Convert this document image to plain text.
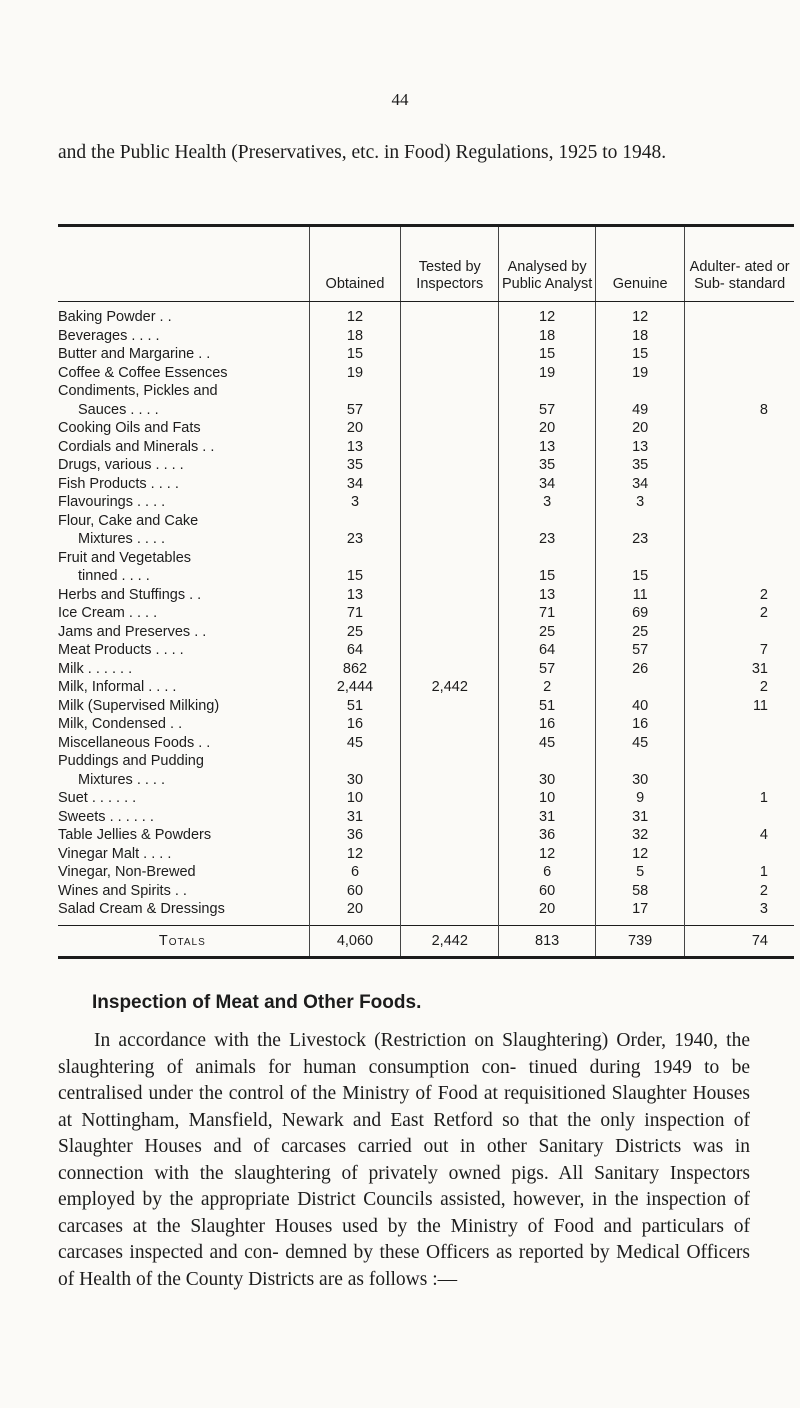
44
and the Public Health (Preservatives, etc. in Food) Regulations, 1925 to 1948.
	Obtained	Tested by Inspectors	Analysed by Public Analyst	Genuine	Adulter- ated or Sub- standard
Baking Powder . .	12		12	12	
Beverages . . . .	18		18	18	
Butter and Margarine . .	15		15	15	
Coffee & Coffee Essences	19		19	19	
Condiments, Pickles and					
Sauces . . . .	57		57	49	8
Cooking Oils and Fats	20		20	20	
Cordials and Minerals . .	13		13	13	
Drugs, various . . . .	35		35	35	
Fish Products . . . .	34		34	34	
Flavourings . . . .	3		3	3	
Flour, Cake and Cake					
Mixtures . . . .	23		23	23	
Fruit and Vegetables					
tinned . . . .	15		15	15	
Herbs and Stuffings . .	13		13	11	2
Ice Cream . . . .	71		71	69	2
Jams and Preserves . .	25		25	25	
Meat Products . . . .	64		64	57	7
Milk . . . . . .	862		57	26	31
Milk, Informal . . . .	2,444	2,442	2		2
Milk (Supervised Milking)	51		51	40	11
Milk, Condensed . .	16		16	16	
Miscellaneous Foods . .	45		45	45	
Puddings and Pudding					
Mixtures . . . .	30		30	30	
Suet . . . . . .	10		10	9	1
Sweets . . . . . .	31		31	31	
Table Jellies & Powders	36		36	32	4
Vinegar Malt . . . .	12		12	12	
Vinegar, Non-Brewed	6		6	5	1
Wines and Spirits . .	60		60	58	2
Salad Cream & Dressings	20		20	17	3
Totals	4,060	2,442	813	739	74
Inspection of Meat and Other Foods.

In accordance with the Livestock (Restriction on Slaughtering) Order, 1940, the slaughtering of animals for human consumption con- tinued during 1949 to be centralised under the control of the Ministry of Food at requisitioned Slaughter Houses at Nottingham, Mansfield, Newark and East Retford so that the only inspection of Slaughter Houses and of carcases carried out in other Sanitary Districts was in connection with the slaughtering of privately owned pigs. All Sanitary Inspectors employed by the appropriate District Councils assisted, however, in the inspection of carcases at the Slaughter Houses used by the Ministry of Food and particulars of carcases inspected and con- demned by these Officers as reported by Medical Officers of Health of the County Districts are as follows :—
